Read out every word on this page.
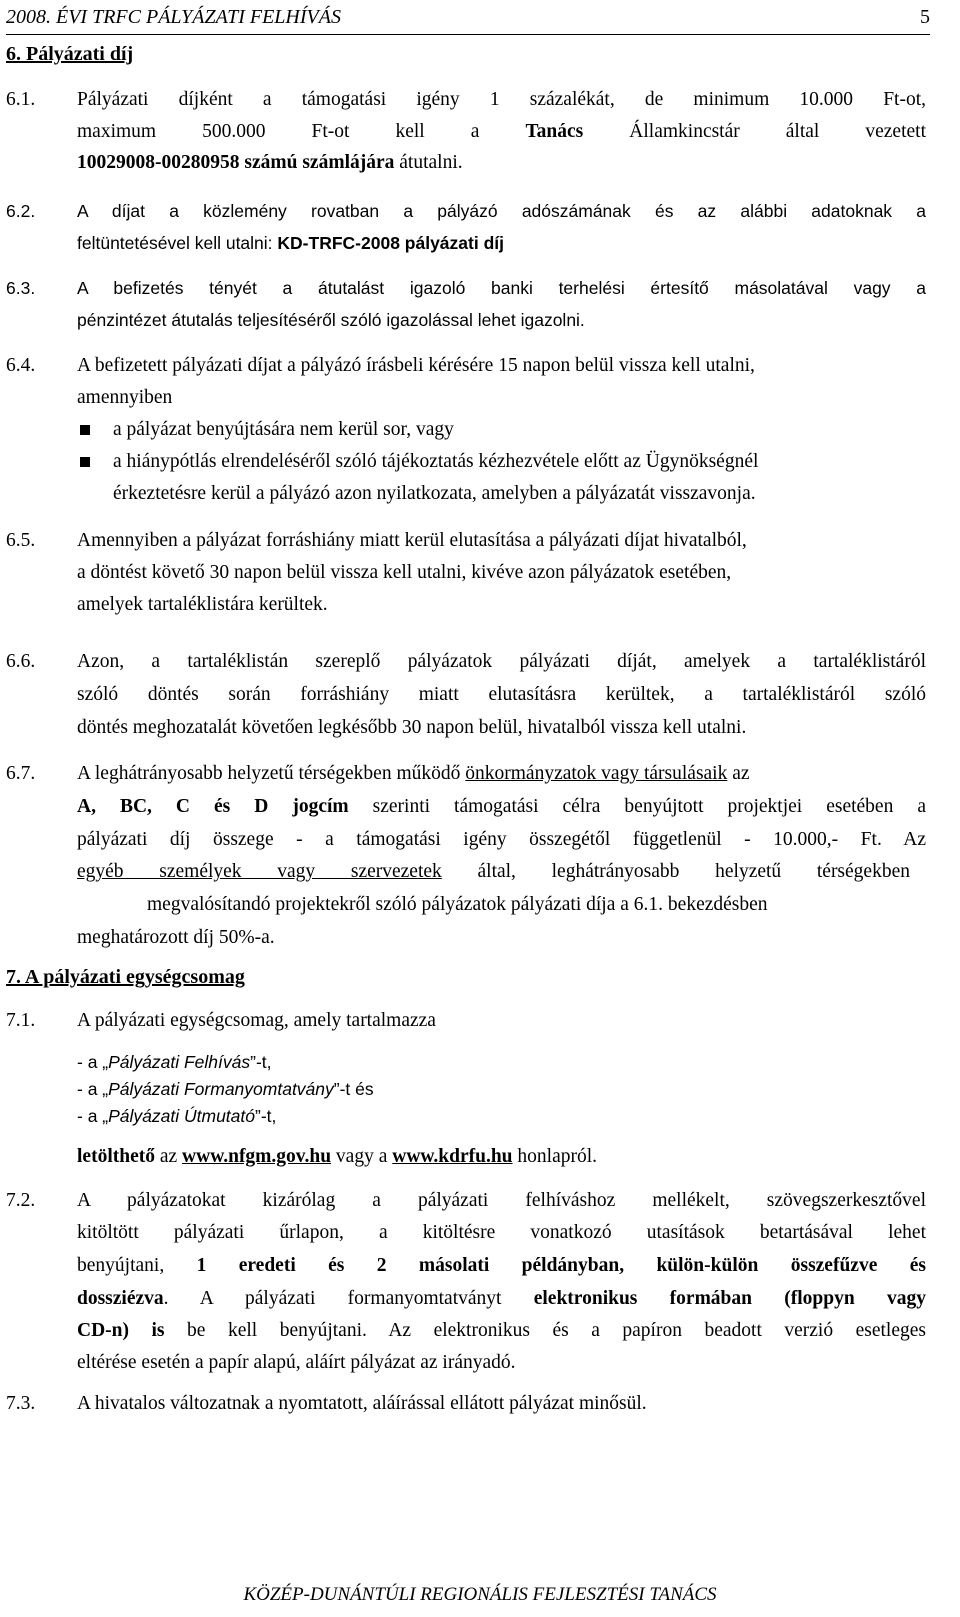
2008. ÉVI TRFC PÁLYÁZATI FELHÍVÁS	5
6. Pályázati díj
6.1. Pályázati díjként a támogatási igény 1 százalékát, de minimum 10.000 Ft-ot,
maximum 500.000 Ft-ot kell a Tanács Államkincstár által vezetett
10029008-00280958 számú számlájára átutalni.
6.2. A díjat a közlemény rovatban a pályázó adószámának és az alábbi adatoknak a
feltüntetésével kell utalni: KD-TRFC-2008 pályázati díj
6.3. A befizetés tényét a átutalást igazoló banki terhelési értesítő másolatával vagy a
pénzintézet átutalás teljesítéséről szóló igazolással lehet igazolni.
6.4. A befizetett pályázati díjat a pályázó írásbeli kérésére 15 napon belül vissza kell utalni,
amennyiben
a pályázat benyújtására nem kerül sor, vagy
a hiánypótlás elrendeléséről szóló tájékoztatás kézhezvétele előtt az Ügynökségnél
érkeztetésre kerül a pályázó azon nyilatkozata, amelyben a pályázatát visszavonja.
6.5. Amennyiben a pályázat forráshiány miatt kerül elutasítása a pályázati díjat hivatalból,
a döntést követő 30 napon belül vissza kell utalni, kivéve azon pályázatok esetében,
amelyek tartaléklistára kerültek.
6.6. Azon, a tartaléklistán szereplő pályázatok pályázati díját, amelyek a tartaléklistáról
szóló döntés során forráshiány miatt elutasításra kerültek, a tartaléklistáról szóló
döntés meghozatalát követően legkésőbb 30 napon belül, hivatalból vissza kell utalni.
6.7. A leghátrányosabb helyzetű térségekben működő önkormányzatok vagy társulásaik az
A, BC, C és D jogcím szerinti támogatási célra benyújtott projektjei esetében a
pályázati díj összege - a támogatási igény összegétől függetlenül - 10.000,- Ft. Az
egyéb személyek vagy szervezetek által, leghátrányosabb helyzetű térségekben
megvalósítandó projektekről szóló pályázatok pályázati díja a 6.1. bekezdésben
meghatározott díj 50%-a.
7. A pályázati egységcsomag
7.1. A pályázati egységcsomag, amely tartalmazza
- a „Pályázati Felhívás”-t,
- a „Pályázati Formanyomtatvány”-t és
- a „Pályázati Útmutató”-t,
letölthető az www.nfgm.gov.hu vagy a www.kdrfu.hu honlapról.
7.2. A pályázatokat kizárólag a pályázati felhíváshoz mellékelt, szövegszerkesztővel
kitöltött pályázati űrlapon, a kitöltésre vonatkozó utasítások betartásával lehet
benyújtani, 1 eredeti és 2 másolati példányban, külön-külön összefűzve és
dossziézva. A pályázati formanyomtatványt elektronikus formában (floppyn vagy
CD-n) is be kell benyújtani. Az elektronikus és a papíron beadott verzió esetleges
eltérése esetén a papír alapú, aláírt pályázat az irányadó.
7.3. A hivatalos változatnak a nyomtatott, aláírással ellátott pályázat minősül.
KÖZÉP-DUNÁNTÚLI REGIONÁLIS FEJLESZTÉSI TANÁCS
